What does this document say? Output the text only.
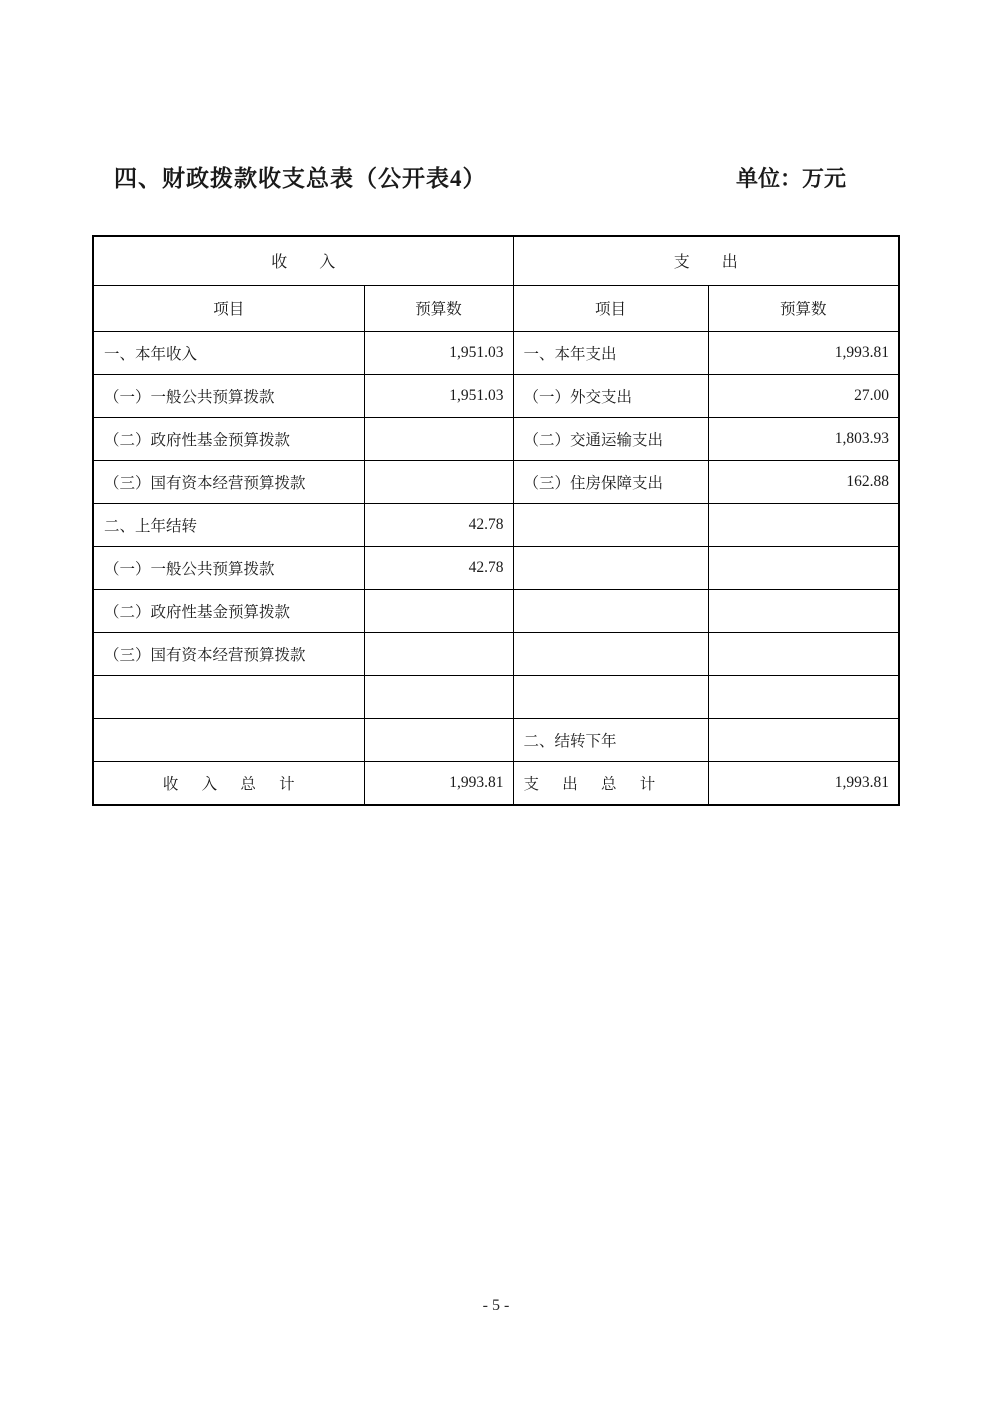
四、财政拨款收支总表（公开表4）	单位：万元
收        入		支        出	
项目	预算数	项目	预算数
一、本年收入	1,951.03	一、本年支出	1,993.81
（一）一般公共预算拨款	1,951.03	（一）外交支出	27.00
（二）政府性基金预算拨款		（二）交通运输支出	1,803.93
（三）国有资本经营预算拨款		（三）住房保障支出	162.88
二、上年结转	42.78		
（一）一般公共预算拨款	42.78		
（二）政府性基金预算拨款			
（三）国有资本经营预算拨款			

		二、结转下年	
收      入      总      计	1,993.81	支      出      总      计	1,993.81
- 5 -
